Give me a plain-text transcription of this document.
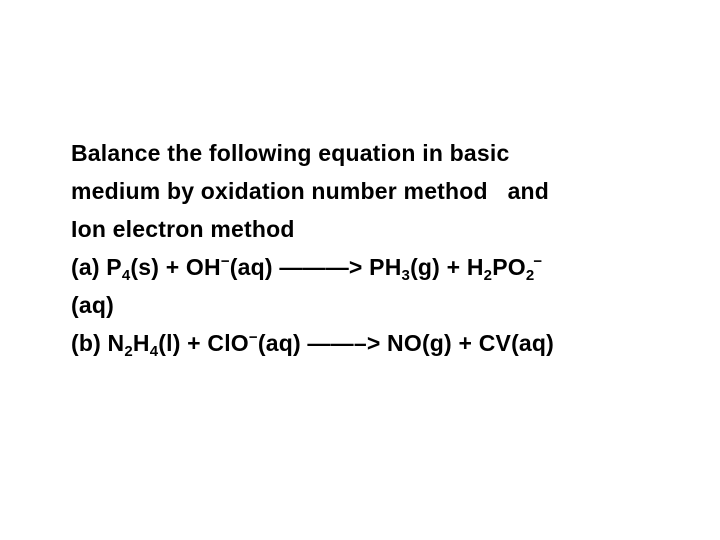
Balance the following equation in basic
medium by oxidation number method   and
Ion electron method
(a) $P_4(s) + OH^-(aq)$ ———> $PH_3(g) + H_2PO_2^-$
(aq)
(b) $N_2H_4(l) + ClO^-(aq)$ ——–> NO(g) + CV(aq)
